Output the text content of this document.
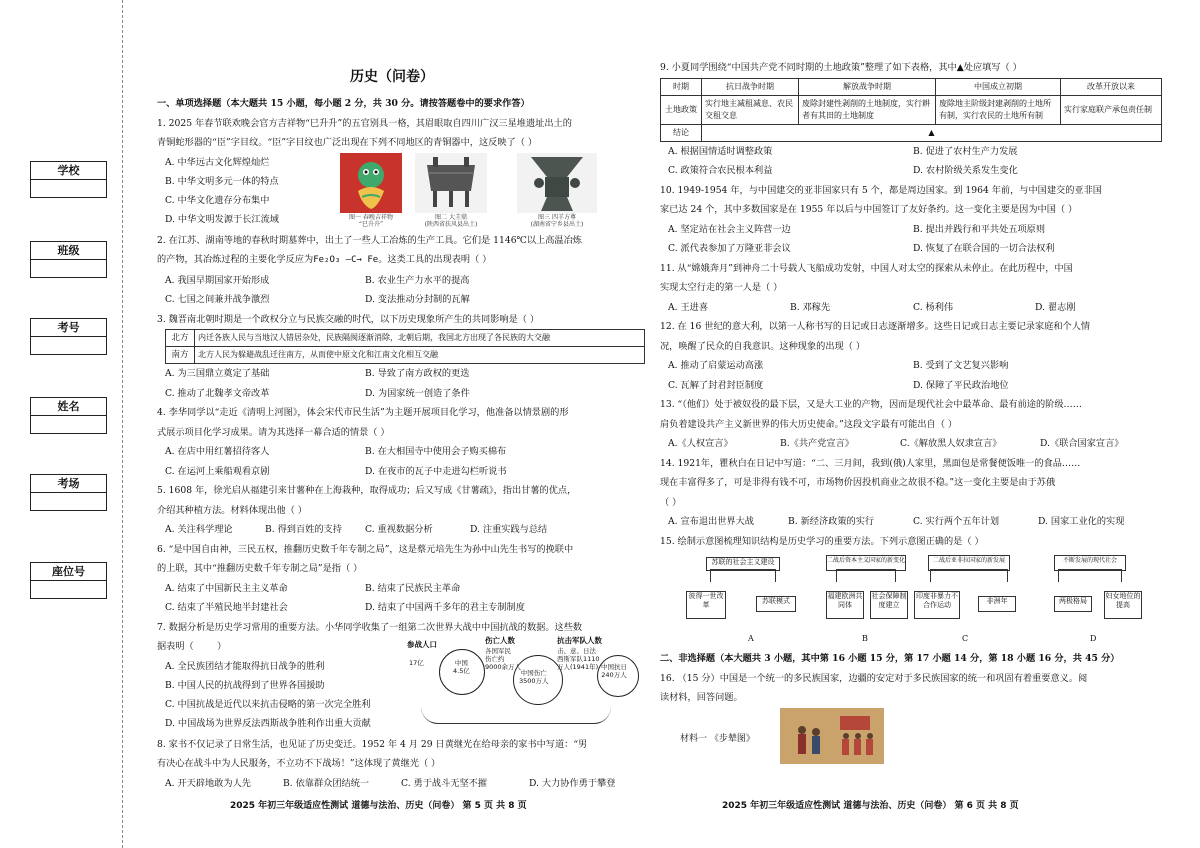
学校
班级
考号
姓名
考场
座位号
历史（问卷）
一、单项选择题（本大题共 15 小题，每小题 2 分，共 30 分。请按答题卷中的要求作答）
1. 2025 年春节联欢晚会官方吉祥物“巳升升”的五官别具一格，其眉眼取自四川广汉三星堆遗址出土的
青铜蛇形器的“臣”字目纹。“臣”字目纹也广泛出现在下列不同地区的青铜器中，这反映了（ ）
A. 中华远古文化辉煌灿烂
B. 中华文明多元一体的特点
C. 中华文化遗存分布集中
D. 中华文明发源于长江流域	图一 春晚吉祥物
“巳升升”
图二 大圭鼎
(陕西省扶风县出土)
图三 四羊方尊
(湖南省宁乡县出土)
2. 在江苏、湖南等地的春秋时期墓葬中，出土了一些人工冶炼的生产工具。它们是 1146℃以上高温冶炼
的产物，其冶炼过程的主要化学反应为Fe₂O₃ —C→ Fe。这类工具的出现表明（ ）
A. 我国早期国家开始形成	B. 农业生产力水平的提高
C. 七国之间兼并战争激烈	D. 变法推动分封制的瓦解
3. 魏晋南北朝时期是一个政权分立与民族交融的时代，以下历史现象所产生的共同影响是（ ）
北方	内迁各族人民与当地汉人错居杂处，民族隔阂逐渐消除，北朝后期，我国北方出现了各民族的大交融
南方	北方人民为躲避战乱迁往南方，从而使中原文化和江南文化相互交融
A. 为三国鼎立奠定了基础	B. 导致了南方政权的更迭
C. 推动了北魏孝文帝改革	D. 为国家统一创造了条件
4. 李华同学以“走近《清明上河图》，体会宋代市民生活”为主题开展项目化学习，他准备以情景剧的形
式展示项目化学习成果。请为其选择一幕合适的情景（ ）
A. 在店中用红薯招待客人	B. 在大相国寺中使用会子购买棉布
C. 在运河上乘船观看京剧	D. 在夜市的瓦子中走进勾栏听说书
5. 1608 年，徐光启从福建引来甘薯种在上海栽种，取得成功；后又写成《甘薯疏》，指出甘薯的优点，
介绍其种植方法。材料体现出他（ ）
A. 关注科学理论	B. 得到百姓的支持	C. 重视数据分析	D. 注重实践与总结
6. “是中国自由神，三民五权，推翻历史数千年专制之局”，这是蔡元培先生为孙中山先生书写的挽联中
的上联，其中“推翻历史数千年专制之局”是指（ ）
A. 结束了中国新民主主义革命	B. 结束了民族民主革命
C. 结束了半殖民地半封建社会	D. 结束了中国两千多年的君主专制制度
7. 数据分析是历史学习常用的重要方法。小华同学收集了一组第二次世界大战中中国抗战的数据。这些数
据表明（        ）

A. 全民族团结才能取得抗日战争的胜利

B. 中国人民的抗战得到了世界各国援助

C. 中国抗战是近代以来抗击侵略的第一次完全胜利

D. 中国战场为世界反法西斯战争胜利作出重大贡献

参战人口

17亿

	中国
4.5亿

伤亡人数

各国军民
伤亡约
9000余万人

中国伤亡
3500万人

抗击军队人数

击、意、日法
西斯军队1110
万人(1941年)

中国抗日
240万人

8. 家书不仅记录了日常生活，也见证了历史变迁。1952 年 4 月 29 日黄继光在给母亲的家书中写道：“男
有决心在战斗中为人民服务，不立功不下战场！”这体现了黄继光（ ）
A. 开天辟地敢为人先	B. 依靠群众团结统一	C. 勇于战斗无坚不摧	D. 大力协作勇于攀登
2025 年初三年级适应性测试 道德与法治、历史（问卷） 第 5 页 共 8 页
9. 小夏同学围绕“中国共产党不同时期的土地政策”整理了如下表格，其中▲处应填写（ ）
时期	抗日战争时期	解放战争时期	中国成立初期	改革开放以来
土地政策	实行地主减租减息、农民交租交息	废除封建性剥削的土地制度，实行耕者有其田的土地制度	废除地主阶级封建剥削的土地所有制，实行农民的土地所有制	实行家庭联产承包责任制
结论	▲			
A. 根据国情适时调整政策	B. 促进了农村生产力发展
C. 政策符合农民根本利益	D. 农村阶级关系发生变化
10. 1949-1954 年，与中国建交的亚非国家只有 5 个，都是周边国家。到 1964 年前，与中国建交的亚非国
家已达 24 个，其中多数国家是在 1955 年以后与中国签订了友好条约。这一变化主要是因为中国（ ）
A. 坚定站在社会主义阵营一边	B. 提出并践行和平共处五项原则
C. 派代表参加了万隆亚非会议	D. 恢复了在联合国的一切合法权利
11. 从“嫦娥奔月”到神舟二十号载人飞船成功发射，中国人对太空的探索从未停止。在此历程中，中国
实现太空行走的第一人是（ ）
A. 王进喜	B. 邓稼先	C. 杨利伟	D. 翟志刚
12. 在 16 世纪的意大利，以第一人称书写的日记或日志逐渐增多。这些日记或日志主要记录家庭和个人情
况，唤醒了民众的自我意识。这种现象的出现（ ）
A. 推动了启蒙运动高涨	B. 受到了文艺复兴影响
C. 瓦解了封君封臣制度	D. 保障了平民政治地位
13. “（他们）处于被奴役的最下层，又是大工业的产物，因而是现代社会中最革命、最有前途的阶级……
肩负着建设共产主义新世界的伟大历史使命。”这段文字最有可能出自（ ）
A.《人权宣言》	B.《共产党宣言》	C.《解放黑人奴隶宣言》	D.《联合国家宣言》
14. 1921年，瞿秋白在日记中写道：“二、三月间，我到(俄)人家里，黑面包是常餐便饭唯一的食品……
现在丰富得多了，可是非得有钱不可，市场物价因投机商业之故很不稳。”这一变化主要是由于苏俄
（ ）
A. 宣布退出世界大战	B. 新经济政策的实行	C. 实行两个五年计划	D. 国家工业化的实现
15. 绘制示意图梳理知识结构是历史学习的重要方法。下列示意图正确的是（ ）
苏联的社会主义建设
彼得一世改革	苏联模式
二战后资本主义国家的新变化
福建欧洲共同体
社会保障制度建立
二战后亚非拉国家的新发展
印度非暴力不合作运动	非洲年
不断发展的现代社会
两极格局
妇女地位的提高
A	B	C	D
二、非选择题（本大题共 3 小题，其中第 16 小题 15 分，第 17 小题 14 分，第 18 小题 16 分，共 45 分）
16. （15 分）中国是一个统一的多民族国家，边疆的安定对于多民族国家的统一和巩固有着重要意义。阅
读材料，回答问题。
材料一 《步辇图》
2025 年初三年级适应性测试 道德与法治、历史（问卷） 第 6 页 共 8 页
